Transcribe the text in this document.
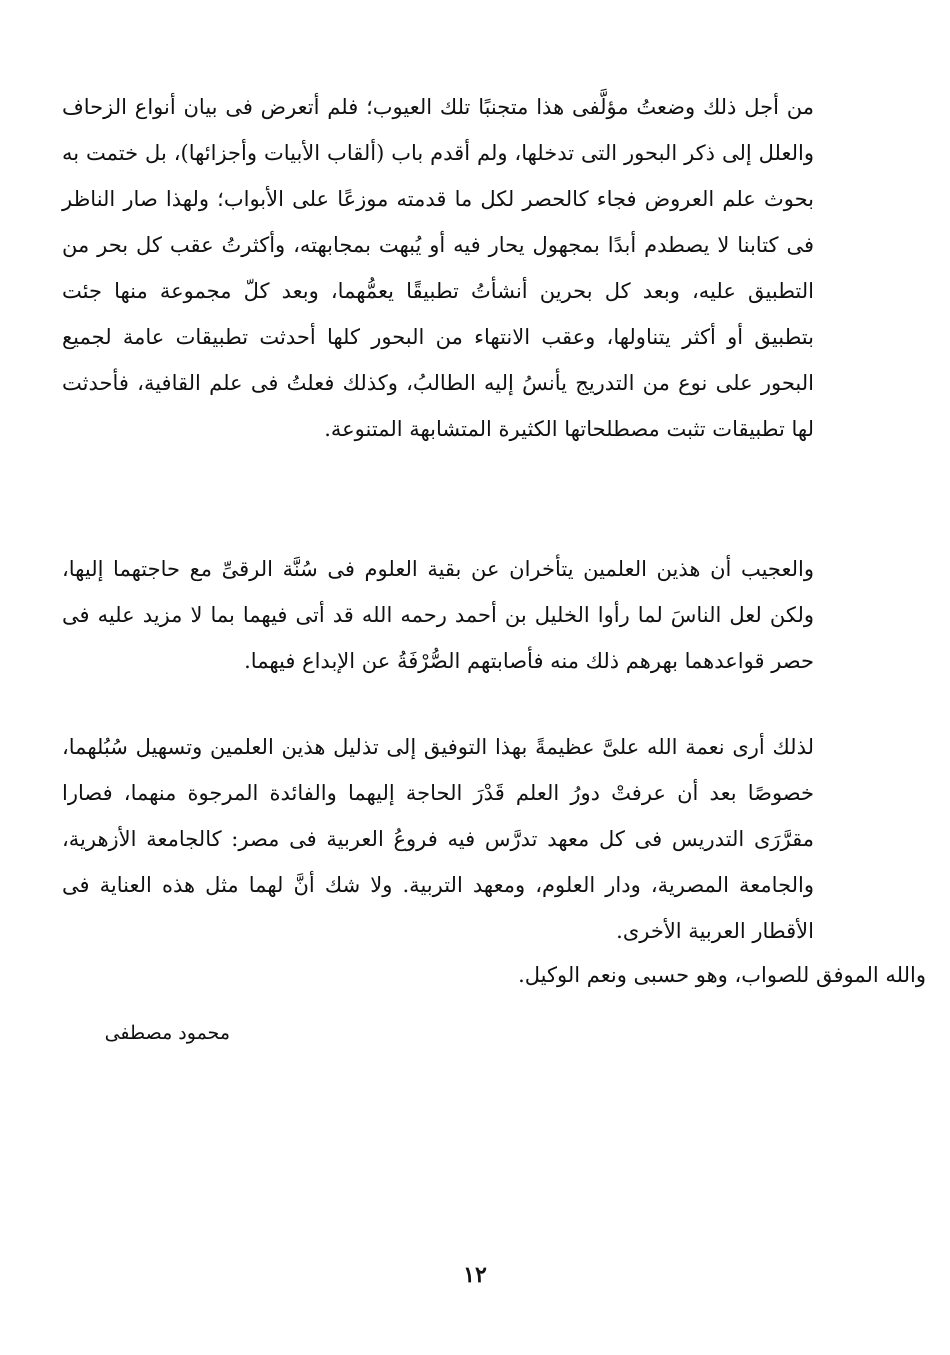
من أجل ذلك وضعتُ مؤلَّفى هذا متجنبًا تلك العيوب؛ فلم أتعرض فى بيان أنواع الزحاف والعلل إلى ذكر البحور التى تدخلها، ولم أقدم باب (ألقاب الأبيات وأجزائها)، بل ختمت به بحوث علم العروض فجاء كالحصر لكل ما قدمته موزعًا على الأبواب؛ ولهذا صار الناظر فى كتابنا لا يصطدم أبدًا بمجهول يحار فيه أو يُبهت بمجابهته، وأكثرتُ عقب كل بحر من التطبيق عليه، وبعد كل بحرين أنشأتُ تطبيقًا يعمُّهما، وبعد كلّ مجموعة منها جئت بتطبيق أو أكثر يتناولها، وعقب الانتهاء من البحور كلها أحدثت تطبيقات عامة لجميع البحور على نوع من التدريج يأنسُ إليه الطالبُ، وكذلك فعلتُ فى علم القافية، فأحدثت لها تطبيقات تثبت مصطلحاتها الكثيرة المتشابهة المتنوعة.

والعجيب أن هذين العلمين يتأخران عن بقية العلوم فى سُنَّة الرقىِّ مع حاجتهما إليها، ولكن لعل الناسَ لما رأوا الخليل بن أحمد رحمه الله قد أتى فيهما بما لا مزيد عليه فى حصر قواعدهما بهرهم ذلك منه فأصابتهم الصُّرْفَةُ عن الإبداع فيهما.

لذلك أرى نعمة الله علىَّ عظيمةً بهذا التوفيق إلى تذليل هذين العلمين وتسهيل سُبُلهما، خصوصًا بعد أن عرفتْ دورُ العلم قَدْرَ الحاجة إليهما والفائدة المرجوة منهما، فصارا مقرَّرَى التدريس فى كل معهد تدرَّس فيه فروعُ العربية فى مصر: كالجامعة الأزهرية، والجامعة المصرية، ودار العلوم، ومعهد التربية. ولا شك أنَّ لهما مثل هذه العناية فى الأقطار العربية الأخرى.

والله الموفق للصواب، وهو حسبى ونعم الوكيل.

محمود مصطفى
١٢
